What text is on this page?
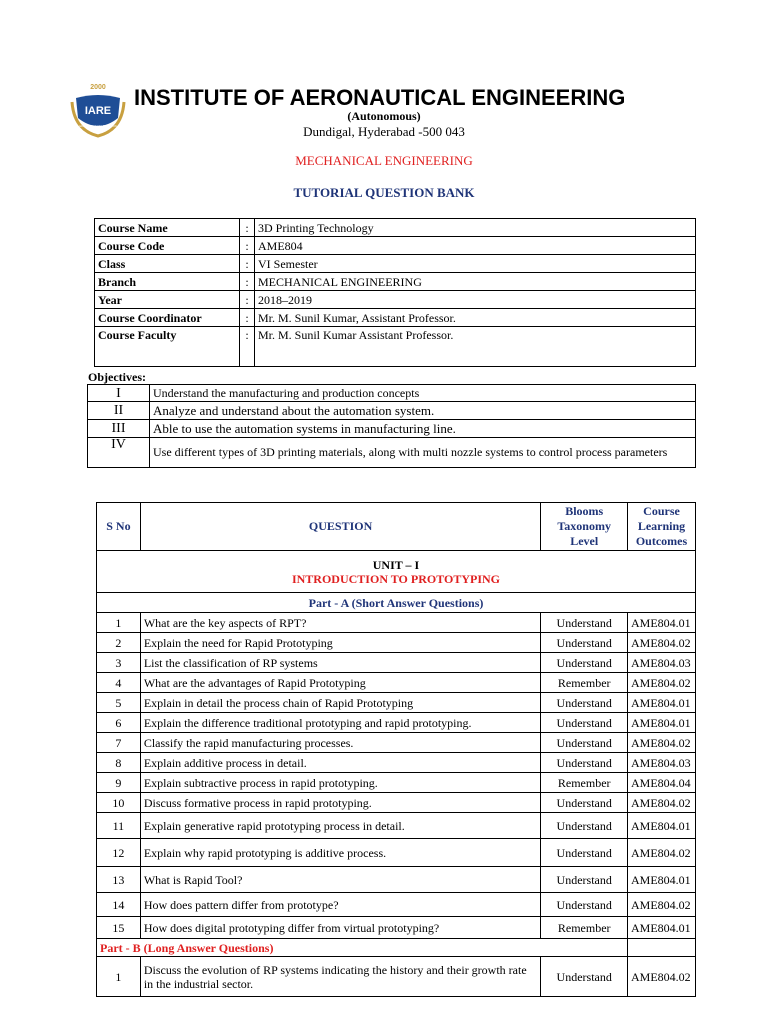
2000
IARE
EDUCATION FOR LIBERATION
INSTITUTE OF AERONAUTICAL ENGINEERING
(Autonomous)
Dundigal, Hyderabad -500 043
MECHANICAL ENGINEERING
TUTORIAL QUESTION BANK
Course Name	:	3D Printing Technology
Course Code	:	AME804
Class	:	VI Semester
Branch	:	MECHANICAL ENGINEERING
Year	:	2018–2019
Course Coordinator	:	Mr. M. Sunil Kumar, Assistant Professor.
Course Faculty	:	Mr. M. Sunil Kumar Assistant Professor.
Objectives:
I	Understand the manufacturing and production concepts
II	Analyze and understand about the automation system.
III	Able to use the automation systems in manufacturing line.
IV	Use different types of 3D printing materials, along with multi nozzle systems to control process parameters
S No	QUESTION	Blooms Taxonomy Level	Course Learning Outcomes

UNIT – I
INTRODUCTION TO PROTOTYPING			

Part - A (Short Answer Questions)			
1	What are the key aspects of RPT?	Understand	AME804.01
2	Explain the need for Rapid Prototyping	Understand	AME804.02
3	List the classification of RP systems	Understand	AME804.03
4	What are the advantages of Rapid Prototyping	Remember	AME804.02
5	Explain in detail the process chain of Rapid Prototyping	Understand	AME804.01
6	Explain the difference traditional prototyping and rapid prototyping.	Understand	AME804.01
7	Classify the rapid manufacturing processes.	Understand	AME804.02
8	Explain additive process in detail.	Understand	AME804.03
9	Explain subtractive process in rapid prototyping.	Remember	AME804.04
10	Discuss formative process in rapid prototyping.	Understand	AME804.02
11	Explain generative rapid prototyping process in detail.	Understand	AME804.01
12	Explain why rapid prototyping is additive process.	Understand	AME804.02
13	What is Rapid Tool?	Understand	AME804.01
14	How does pattern differ from prototype?	Understand	AME804.02
15	How does digital prototyping differ from virtual prototyping?	Remember	AME804.01
Part - B (Long Answer Questions)			
1	Discuss the evolution of RP systems indicating the history and their growth rate in the industrial sector.	Understand	AME804.02
